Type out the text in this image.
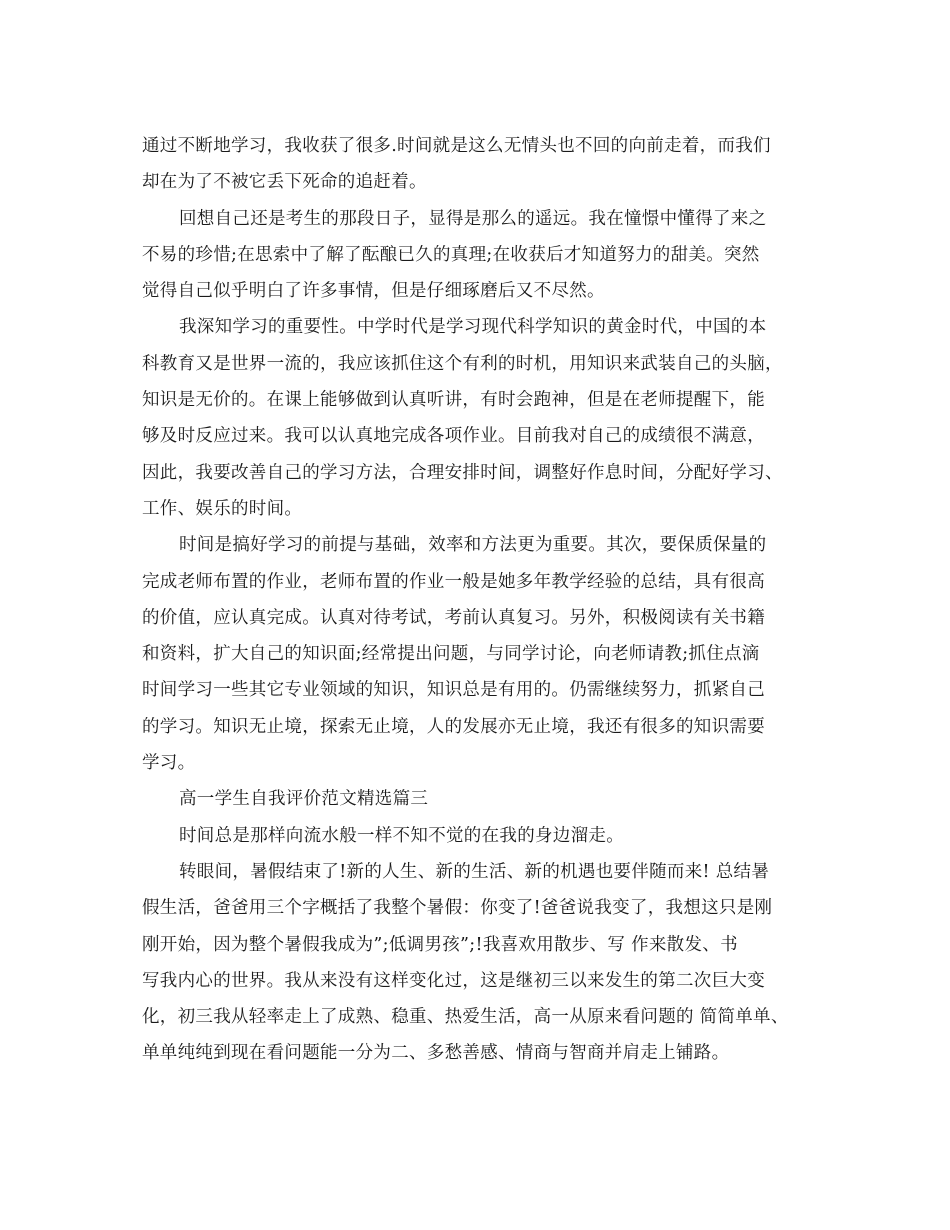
通过不断地学习，我收获了很多.时间就是这么无情头也不回的向前走着，而我们
却在为了不被它丢下死命的追赶着。
回想自己还是考生的那段日子，显得是那么的遥远。我在憧憬中懂得了来之
不易的珍惜;在思索中了解了酝酿已久的真理;在收获后才知道努力的甜美。突然
觉得自己似乎明白了许多事情，但是仔细琢磨后又不尽然。
我深知学习的重要性。中学时代是学习现代科学知识的黄金时代，中国的本
科教育又是世界一流的，我应该抓住这个有利的时机，用知识来武装自己的头脑，
知识是无价的。在课上能够做到认真听讲，有时会跑神，但是在老师提醒下，能
够及时反应过来。我可以认真地完成各项作业。目前我对自己的成绩很不满意，
因此，我要改善自己的学习方法，合理安排时间，调整好作息时间，分配好学习、
工作、娱乐的时间。
时间是搞好学习的前提与基础，效率和方法更为重要。其次，要保质保量的
完成老师布置的作业，老师布置的作业一般是她多年教学经验的总结，具有很高
的价值，应认真完成。认真对待考试，考前认真复习。另外，积极阅读有关书籍
和资料，扩大自己的知识面;经常提出问题，与同学讨论，向老师请教;抓住点滴
时间学习一些其它专业领域的知识，知识总是有用的。仍需继续努力，抓紧自己
的学习。知识无止境，探索无止境，人的发展亦无止境，我还有很多的知识需要
学习。
高一学生自我评价范文精选篇三
时间总是那样向流水般一样不知不觉的在我的身边溜走。
转眼间，暑假结束了!新的人生、新的生活、新的机遇也要伴随而来! 总结暑
假生活，爸爸用三个字概括了我整个暑假：你变了!爸爸说我变了，我想这只是刚
刚开始，因为整个暑假我成为”;低调男孩”;!我喜欢用散步、写 作来散发、书
写我内心的世界。我从来没有这样变化过，这是继初三以来发生的第二次巨大变
化，初三我从轻率走上了成熟、稳重、热爱生活，高一从原来看问题的 简简单单、
单单纯纯到现在看问题能一分为二、多愁善感、情商与智商并肩走上铺路。
